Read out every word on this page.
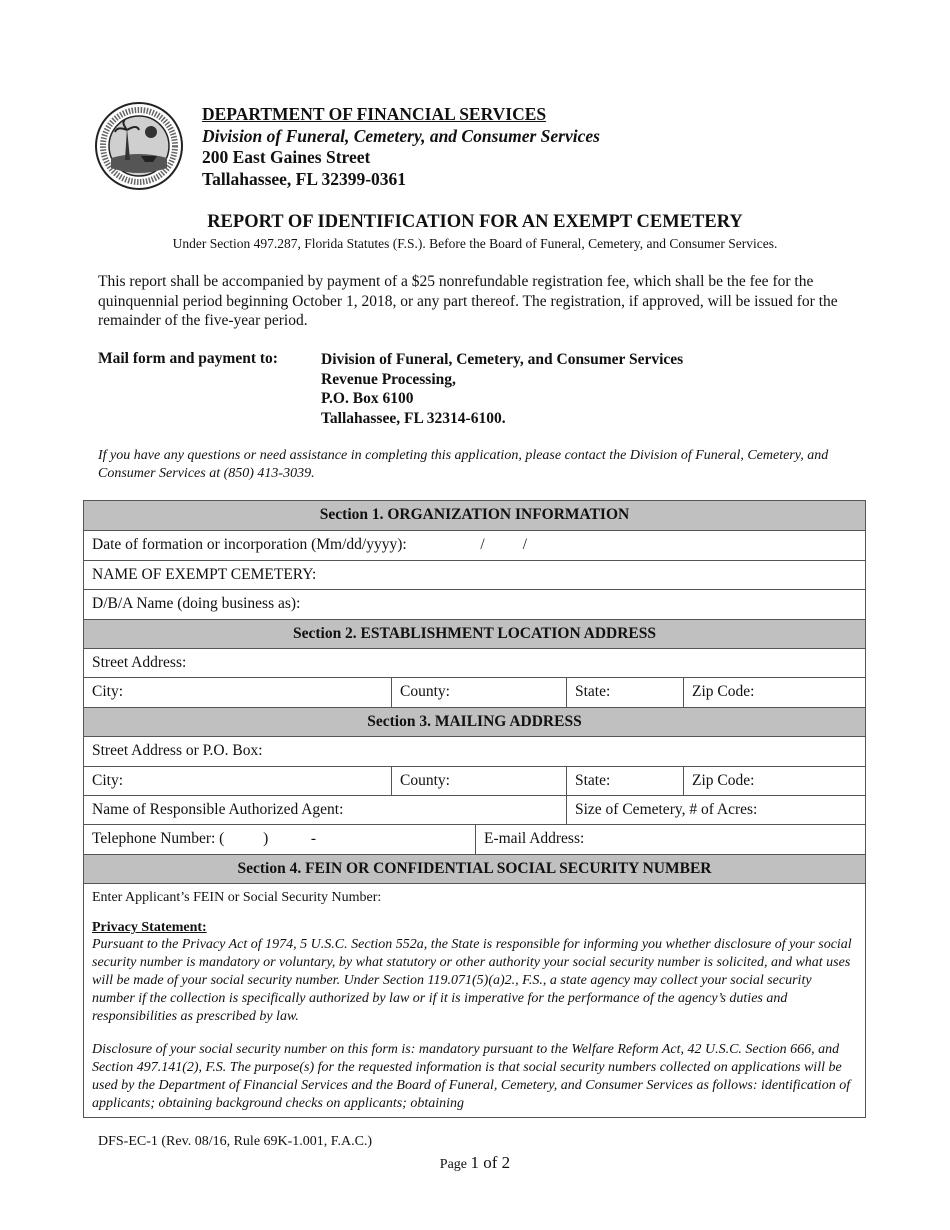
DEPARTMENT OF FINANCIAL SERVICES
Division of Funeral, Cemetery, and Consumer Services
200 East Gaines Street
Tallahassee, FL 32399-0361
REPORT OF IDENTIFICATION FOR AN EXEMPT CEMETERY
Under Section 497.287, Florida Statutes (F.S.). Before the Board of Funeral, Cemetery, and Consumer Services.
This report shall be accompanied by payment of a $25 nonrefundable registration fee, which shall be the fee for the quinquennial period beginning October 1, 2018, or any part thereof. The registration, if approved, will be issued for the remainder of the five-year period.
Mail form and payment to:	Division of Funeral, Cemetery, and Consumer Services
Revenue Processing,
P.O. Box 6100
Tallahassee, FL 32314-6100.
If you have any questions or need assistance in completing this application, please contact the Division of Funeral, Cemetery, and Consumer Services at (850) 413-3039.
Section 1. ORGANIZATION INFORMATION
Date of formation or incorporation (Mm/dd/yyyy):	/ /
NAME OF EXEMPT CEMETERY:
D/B/A Name (doing business as):
Section 2. ESTABLISHMENT LOCATION ADDRESS
Street Address:
City:	County:	State:	Zip Code:
Section 3. MAILING ADDRESS
Street Address or P.O. Box:
City:	County:	State:	Zip Code:
Name of Responsible Authorized Agent:	Size of Cemetery, # of Acres:
Telephone Number: (          )           -	E-mail Address:
Section 4. FEIN OR CONFIDENTIAL SOCIAL SECURITY NUMBER
Enter Applicant’s FEIN or Social Security Number:
Privacy Statement:
Pursuant to the Privacy Act of 1974, 5 U.S.C. Section 552a, the State is responsible for informing you whether disclosure of your social security number is mandatory or voluntary, by what statutory or other authority your social security number is solicited, and what uses will be made of your social security number. Under Section 119.071(5)(a)2., F.S., a state agency may collect your social security number if the collection is specifically authorized by law or if it is imperative for the performance of the agency’s duties and responsibilities as prescribed by law.
Disclosure of your social security number on this form is: mandatory pursuant to the Welfare Reform Act, 42 U.S.C. Section 666, and Section 497.141(2), F.S. The purpose(s) for the requested information is that social security numbers collected on applications will be used by the Department of Financial Services and the Board of Funeral, Cemetery, and Consumer Services as follows: identification of applicants; obtaining background checks on applicants; obtaining
DFS-EC-1 (Rev. 08/16, Rule 69K-1.001, F.A.C.)
Page 1 of 2
